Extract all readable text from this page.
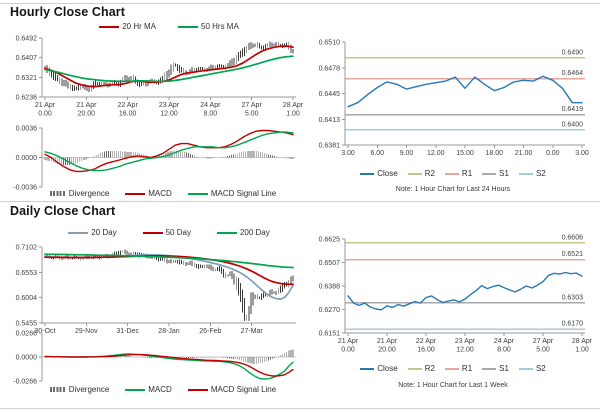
Hourly Close Chart
Daily Close Chart
0.6492
0.6407
0.6321
0.6236
21 Apr 0.00
21 Apr 20.00
22 Apr 16.00
23 Apr 12.00
24 Apr 8.00
27 Apr 5.00
28 Apr 1.00
0.0036
0.0000
-0.0036
0.6490
0.6464
0.6419
0.6400
0.6510
0.6478
0.6445
0.6413
0.6381
3.00 6.00 9.00 12.00 15.00 18.00 21.00 0.00 3.00
0.7102
0.6553
0.6004
0.5455
30-Oct	29-Nov	31-Dec	28-Jan	26-Feb	27-Mar
0.0266
0.0000
-0.0266
0.6606
0.6521
0.6303
0.6170
0.6625
0.6507
0.6388
0.6270
0.6151
21 Apr 0.00
21 Apr 20.00
22 Apr 16.00
23 Apr 12.00
24 Apr 8.00
27 Apr 5.00
28 Apr 1.00
20 Hr MA	50 Hrs MA
Divergence	MACD	MACD Signal Line
Close	R2	R1	S1	S2
20 Day	50 Day	200 Day
Divergence	MACD	MACD Signal Line
Close	R2	R1	S1	S2
Note: 1 Hour Chart for Last 24 Hours
Note: 1 Hour Chart for Last 1 Week
